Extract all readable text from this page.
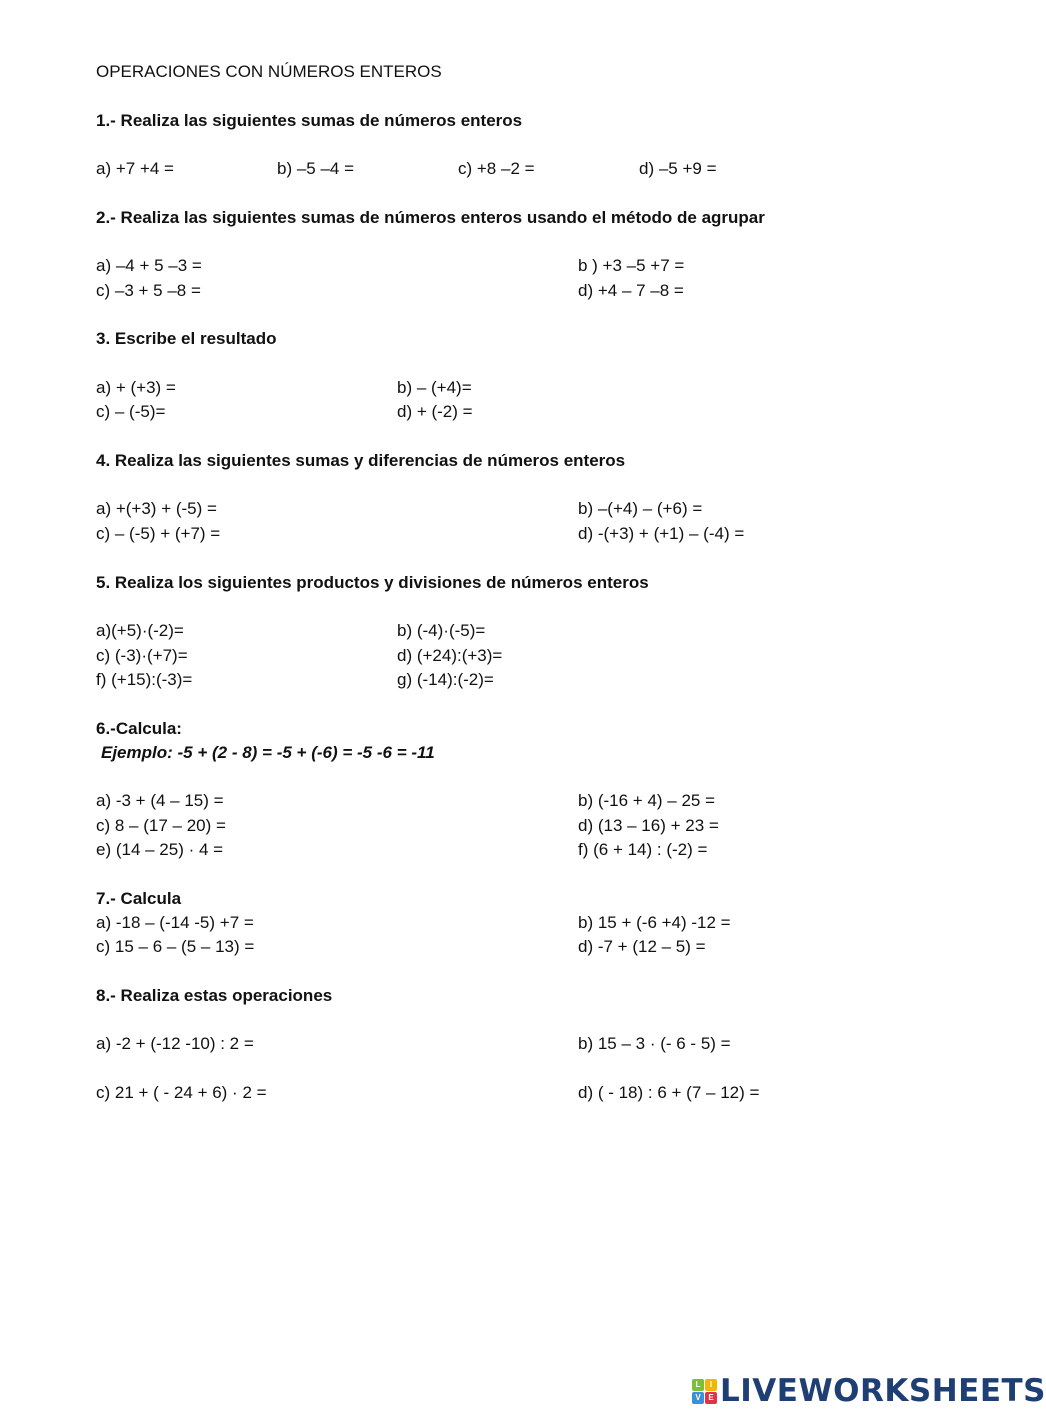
OPERACIONES CON NÚMEROS ENTEROS
1.- Realiza las siguientes sumas de números enteros
a) +7 +4 =	b) –5 –4 =	c) +8 –2 =	d) –5 +9 =
2.- Realiza las siguientes sumas de números enteros usando el método de agrupar
a) –4 + 5 –3 =	b ) +3 –5 +7 =
c) –3 + 5 –8 =	d) +4 – 7 –8 =
3. Escribe el resultado
a) + (+3) =	b) – (+4)=
c) – (-5)=	d) + (-2) =
4. Realiza las siguientes sumas y diferencias de números enteros
a) +(+3) + (-5) =	b) –(+4) – (+6) =
c) – (-5) + (+7) =	d) -(+3) + (+1) – (-4) =
5. Realiza los siguientes productos y divisiones de números enteros
a)(+5)·(-2)=	b) (-4)·(-5)=
c) (-3)·(+7)=	d) (+24):(+3)=
f) (+15):(-3)=	g) (-14):(-2)=
6.-Calcula:
Ejemplo: -5 + (2 - 8) = -5 + (-6) = -5 -6 = -11
a) -3 + (4 – 15) =	b) (-16 + 4) – 25 =
c) 8 – (17 – 20) =	d) (13 – 16) + 23 =
e) (14 – 25) · 4 =	f) (6 + 14) : (-2) =
7.- Calcula
a) -18 – (-14 -5) +7 =	b) 15 + (-6 +4) -12 =
c) 15 – 6 – (5 – 13) =	d) -7 + (12 – 5) =
8.- Realiza estas operaciones
a) -2 + (-12 -10) : 2 =	b) 15 – 3 · (- 6 - 5) =
c) 21 + ( - 24 + 6) · 2 =	d) ( - 18) : 6 + (7 – 12) =
L	I
V E LIVEWORKSHEETS
